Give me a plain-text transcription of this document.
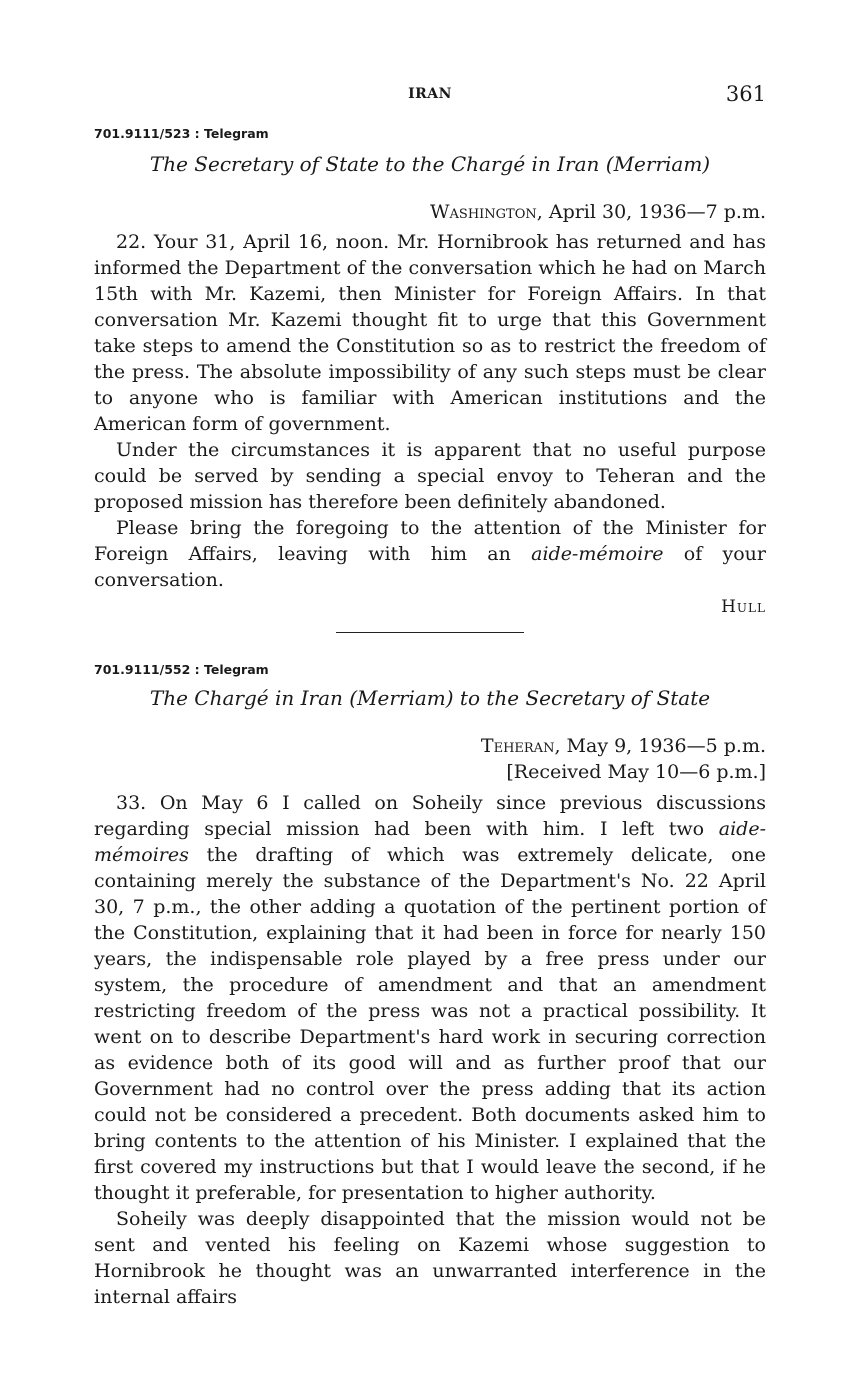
IRAN	361
701.9111/523 : Telegram
The Secretary of State to the Chargé in Iran (Merriam)
Washington, April 30, 1936—7 p.m.

22. Your 31, April 16, noon. Mr. Hornibrook has returned and has informed the Department of the conversation which he had on March 15th with Mr. Kazemi, then Minister for Foreign Affairs. In that conversation Mr. Kazemi thought fit to urge that this Government take steps to amend the Constitution so as to restrict the freedom of the press. The absolute impossibility of any such steps must be clear to anyone who is familiar with American institutions and the American form of government.

Under the circumstances it is apparent that no useful purpose could be served by sending a special envoy to Teheran and the proposed mission has therefore been definitely abandoned.

Please bring the foregoing to the attention of the Minister for Foreign Affairs, leaving with him an aide-mémoire of your conversation.

Hull
701.9111/552 : Telegram
The Chargé in Iran (Merriam) to the Secretary of State
Teheran, May 9, 1936—5 p.m.
[Received May 10—6 p.m.]

33. On May 6 I called on Soheily since previous discussions regarding special mission had been with him. I left two aide-mémoires the drafting of which was extremely delicate, one containing merely the substance of the Department's No. 22 April 30, 7 p.m., the other adding a quotation of the pertinent portion of the Constitution, explaining that it had been in force for nearly 150 years, the indispensable role played by a free press under our system, the procedure of amendment and that an amendment restricting freedom of the press was not a practical possibility. It went on to describe Department's hard work in securing correction as evidence both of its good will and as further proof that our Government had no control over the press adding that its action could not be considered a precedent. Both documents asked him to bring contents to the attention of his Minister. I explained that the first covered my instructions but that I would leave the second, if he thought it preferable, for presentation to higher authority.

Soheily was deeply disappointed that the mission would not be sent and vented his feeling on Kazemi whose suggestion to Hornibrook he thought was an unwarranted interference in the internal affairs
